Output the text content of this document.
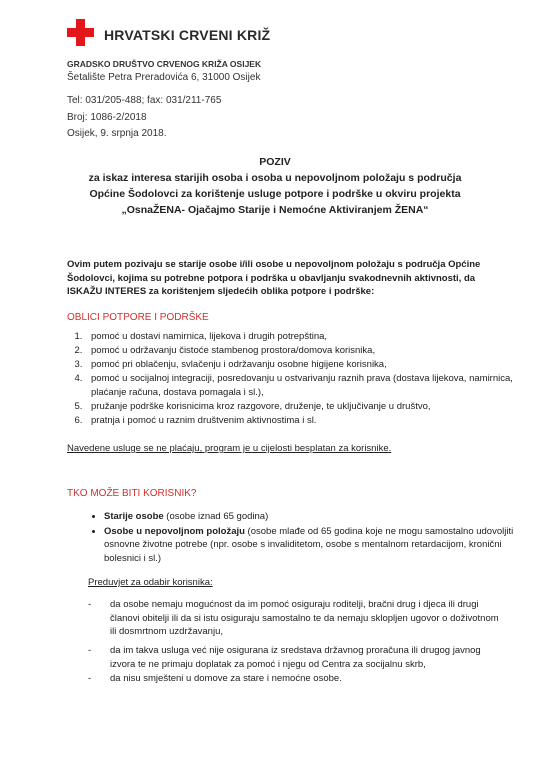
HRVATSKI CRVENI KRIŽ
GRADSKO DRUŠTVO CRVENOG KRIŽA OSIJEK
Šetalište Petra Preradovića 6, 31000 Osijek
Tel: 031/205-488; fax: 031/211-765
Broj: 1086-2/2018
Osijek, 9. srpnja 2018.
POZIV
za iskaz interesa starijih osoba i osoba u nepovoljnom položaju s područja
Općine Šodolovci za korištenje usluge potpore i podrške u okviru projekta
„OsnaŽENA- Ojačajmo Starije i Nemoćne Aktiviranjem ŽENA“
Ovim putem pozivaju se starije osobe i/ili osobe u nepovoljnom položaju s područja Općine
Šodolovci, kojima su potrebne potpora i podrška u obavljanju svakodnevnih aktivnosti, da
ISKAŽU INTERES za korištenjem sljedećih oblika potpore i podrške:
OBLICI POTPORE I PODRŠKE
1. pomoć u dostavi namirnica, lijekova i drugih potrepština,
2. pomoć u održavanju čistoće stambenog prostora/domova korisnika,
3. pomoć pri oblačenju, svlačenju i održavanju osobne higijene korisnika,
4. pomoć u socijalnoj integraciji, posredovanju u ostvarivanju raznih prava (dostava lijekova, namirnica, plaćanje računa, dostava pomagala i sl.),
5. pružanje podrške korisnicima kroz razgovore, druženje, te uključivanje u društvo,
6. pratnja i pomoć u raznim društvenim aktivnostima i sl.
Navedene usluge se ne plaćaju, program je u cijelosti besplatan za korisnike.
TKO MOŽE BITI KORISNIK?
• Starije osobe (osobe iznad 65 godina)
• Osobe u nepovoljnom položaju (osobe mlađe od 65 godina koje ne mogu samostalno udovoljiti osnovne životne potrebe (npr. osobe s invaliditetom, osobe s mentalnom retardacijom, kronični bolesnici i sl.)
Preduvjet za odabir korisnika:
- da osobe nemaju mogućnost da im pomoć osiguraju roditelji, bračni drug i djeca ili drugi članovi obitelji ili da si istu osiguraju samostalno te da nemaju sklopljen ugovor o doživotnom ili dosmrtnom uzdržavanju,
- da im takva usluga već nije osigurana iz sredstava državnog proračuna ili drugog javnog izvora te ne primaju doplatak za pomoć i njegu od Centra za socijalnu skrb,
- da nisu smješteni u domove za stare i nemoćne osobe.
